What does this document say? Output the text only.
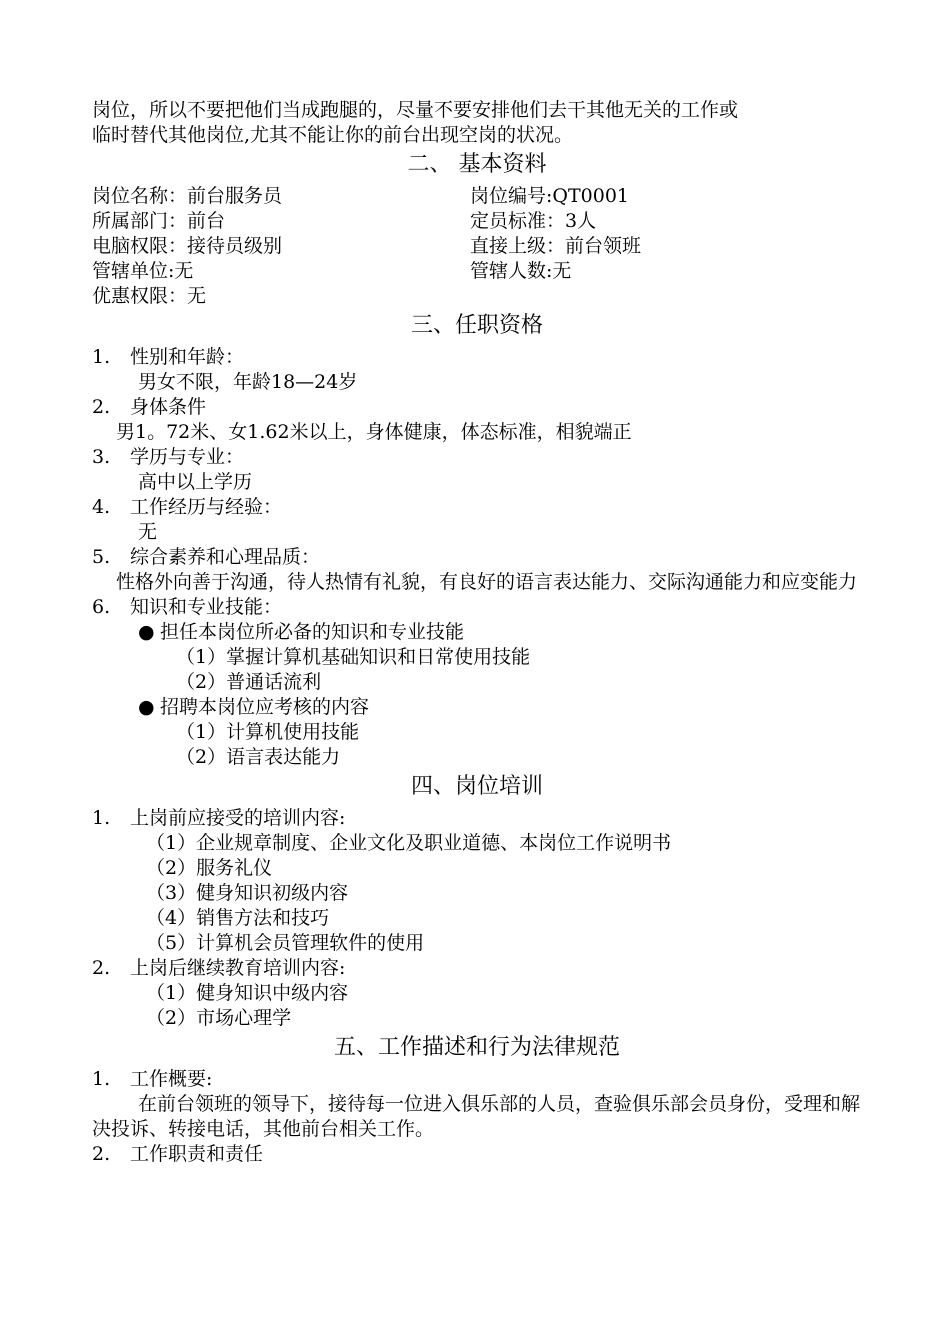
岗位，所以不要把他们当成跑腿的，尽量不要安排他们去干其他无关的工作或

临时替代其他岗位,尤其不能让你的前台出现空岗的状况。

二、 基本资料
岗位名称：前台服务员	岗位编号:QT0001
所属部门：前台	定员标准：3人
电脑权限：接待员级别	直接上级：前台领班
管辖单位:无	管辖人数:无

优惠权限：无

三、任职资格

1. 性别和年龄：

男女不限，年龄18—24岁

2. 身体条件

男1。72米、女1.62米以上，身体健康，体态标准，相貌端正

3. 学历与专业：

高中以上学历

4. 工作经历与经验：

无

5. 综合素养和心理品质：

性格外向善于沟通，待人热情有礼貌，有良好的语言表达能力、交际沟通能力和应变能力

6. 知识和专业技能：

● 担任本岗位所必备的知识和专业技能

（1）掌握计算机基础知识和日常使用技能

（2）普通话流利

● 招聘本岗位应考核的内容

（1）计算机使用技能

（2）语言表达能力

四、岗位培训

1. 上岗前应接受的培训内容:

（1）企业规章制度、企业文化及职业道德、本岗位工作说明书

（2）服务礼仪

（3）健身知识初级内容

（4）销售方法和技巧

（5）计算机会员管理软件的使用

2. 上岗后继续教育培训内容:

（1）健身知识中级内容

（2）市场心理学

五、工作描述和行为法律规范

1. 工作概要:

在前台领班的领导下，接待每一位进入俱乐部的人员，查验俱乐部会员身份，受理和解决投诉、转接电话，其他前台相关工作。

2. 工作职责和责任
